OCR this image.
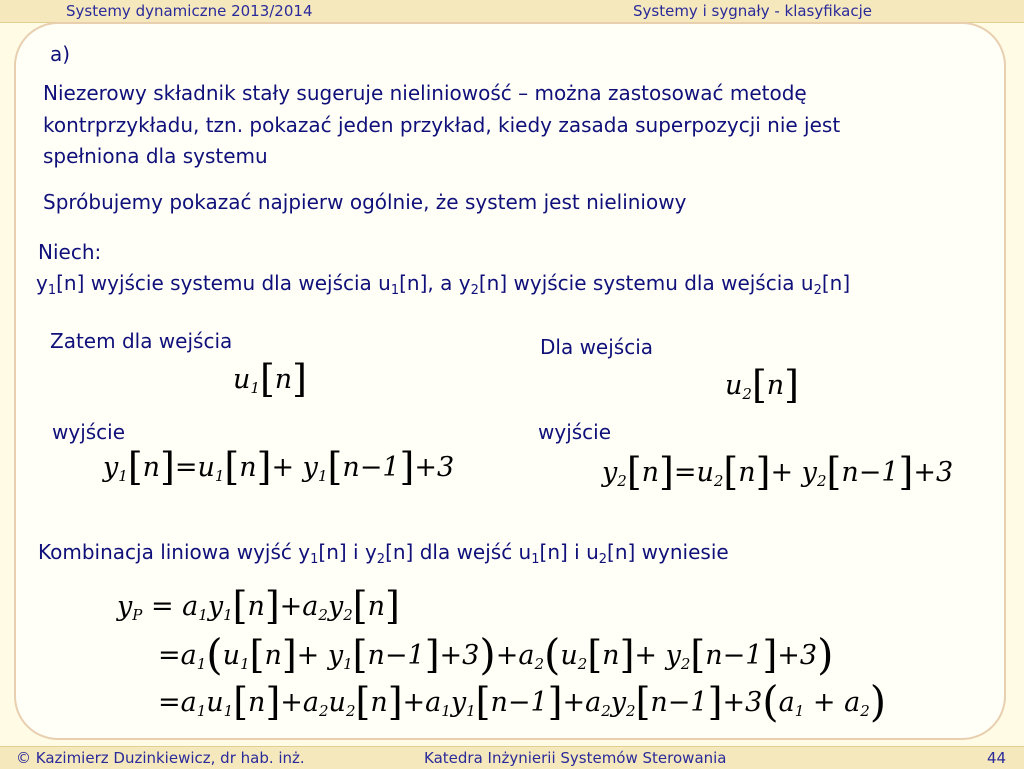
Systemy dynamiczne 2013/2014	Systemy i sygnały - klasyfikacje
a)
Niezerowy składnik stały sugeruje nieliniowość – można zastosować metodę
kontrprzykładu, tzn. pokazać jeden przykład, kiedy zasada superpozycji nie jest
spełniona dla systemu
Spróbujemy pokazać najpierw ogólnie, że system jest nieliniowy
Niech:
$y_1[n]$ wyjście systemu dla wejścia $u_1[n]$, a $y_2[n]$ wyjście systemu dla wejścia $u_2[n]$
Zatem dla wejścia
$u_1[n]$
wyjście
$y_1[n]=u_1[n]+ y_1[n-1]+3$
Dla wejścia
$u_2[n]$
wyjście
$y_2[n]=u_2[n]+ y_2[n-1]+3$
Kombinacja liniowa wyjść $y_1[n]$ i $y_2[n]$ dla wejść $u_1[n]$ i $u_2[n]$ wyniesie
$y_P = a_1y_1[n]+a_2y_2[n]$
$=a_1(u_1[n]+ y_1[n-1]+3)+a_2(u_2[n]+ y_2[n-1]+3)$
$=a_1u_1[n]+a_2u_2[n]+a_1y_1[n-1]+a_2y_2[n-1]+3(a_1 + a_2)$
© Kazimierz Duzinkiewicz, dr hab. inż.	Katedra Inżynierii Systemów Sterowania	44
